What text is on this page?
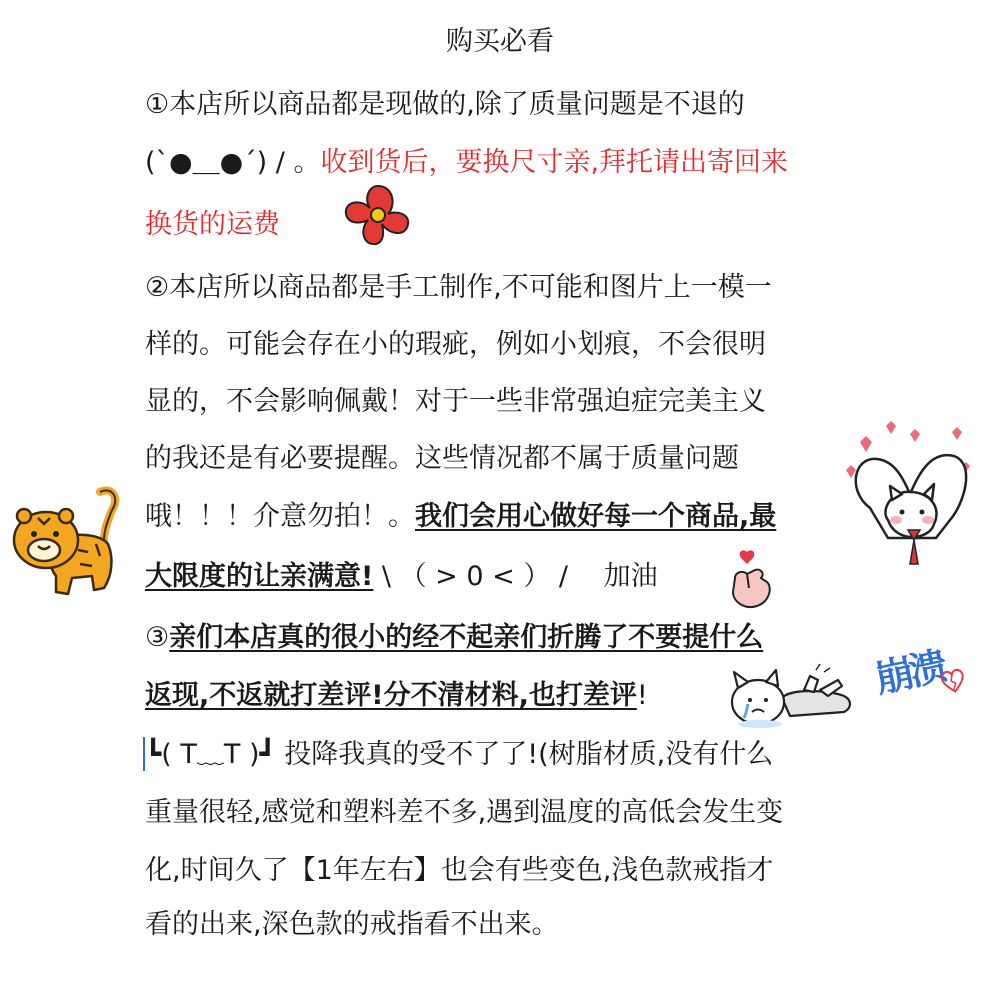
购买必看
①本店所以商品都是现做的,除了质量问题是不退的
(`●＿●´) / 。收到货后，要换尺寸亲,拜托请出寄回来
换货的运费
②本店所以商品都是手工制作,不可能和图片上一模一
样的。可能会存在小的瑕疵，例如小划痕，不会很明
显的，不会影响佩戴！对于一些非常强迫症完美主义
的我还是有必要提醒。这些情况都不属于质量问题
哦！！！介意勿拍！。我们会用心做好每一个商品,最
大限度的让亲满意! \ （ > 0 < ） /　 加油
③亲们本店真的很小的经不起亲们折腾了不要提什么
返现,不返就打差评!分不清材料,也打差评!
┗( T﹏T )┛ 投降我真的受不了了!(树脂材质,没有什么
重量很轻,感觉和塑料差不多,遇到温度的高低会发生变
化,时间久了【1年左右】也会有些变色,浅色款戒指才
看的出来,深色款的戒指看不出来。
崩溃
